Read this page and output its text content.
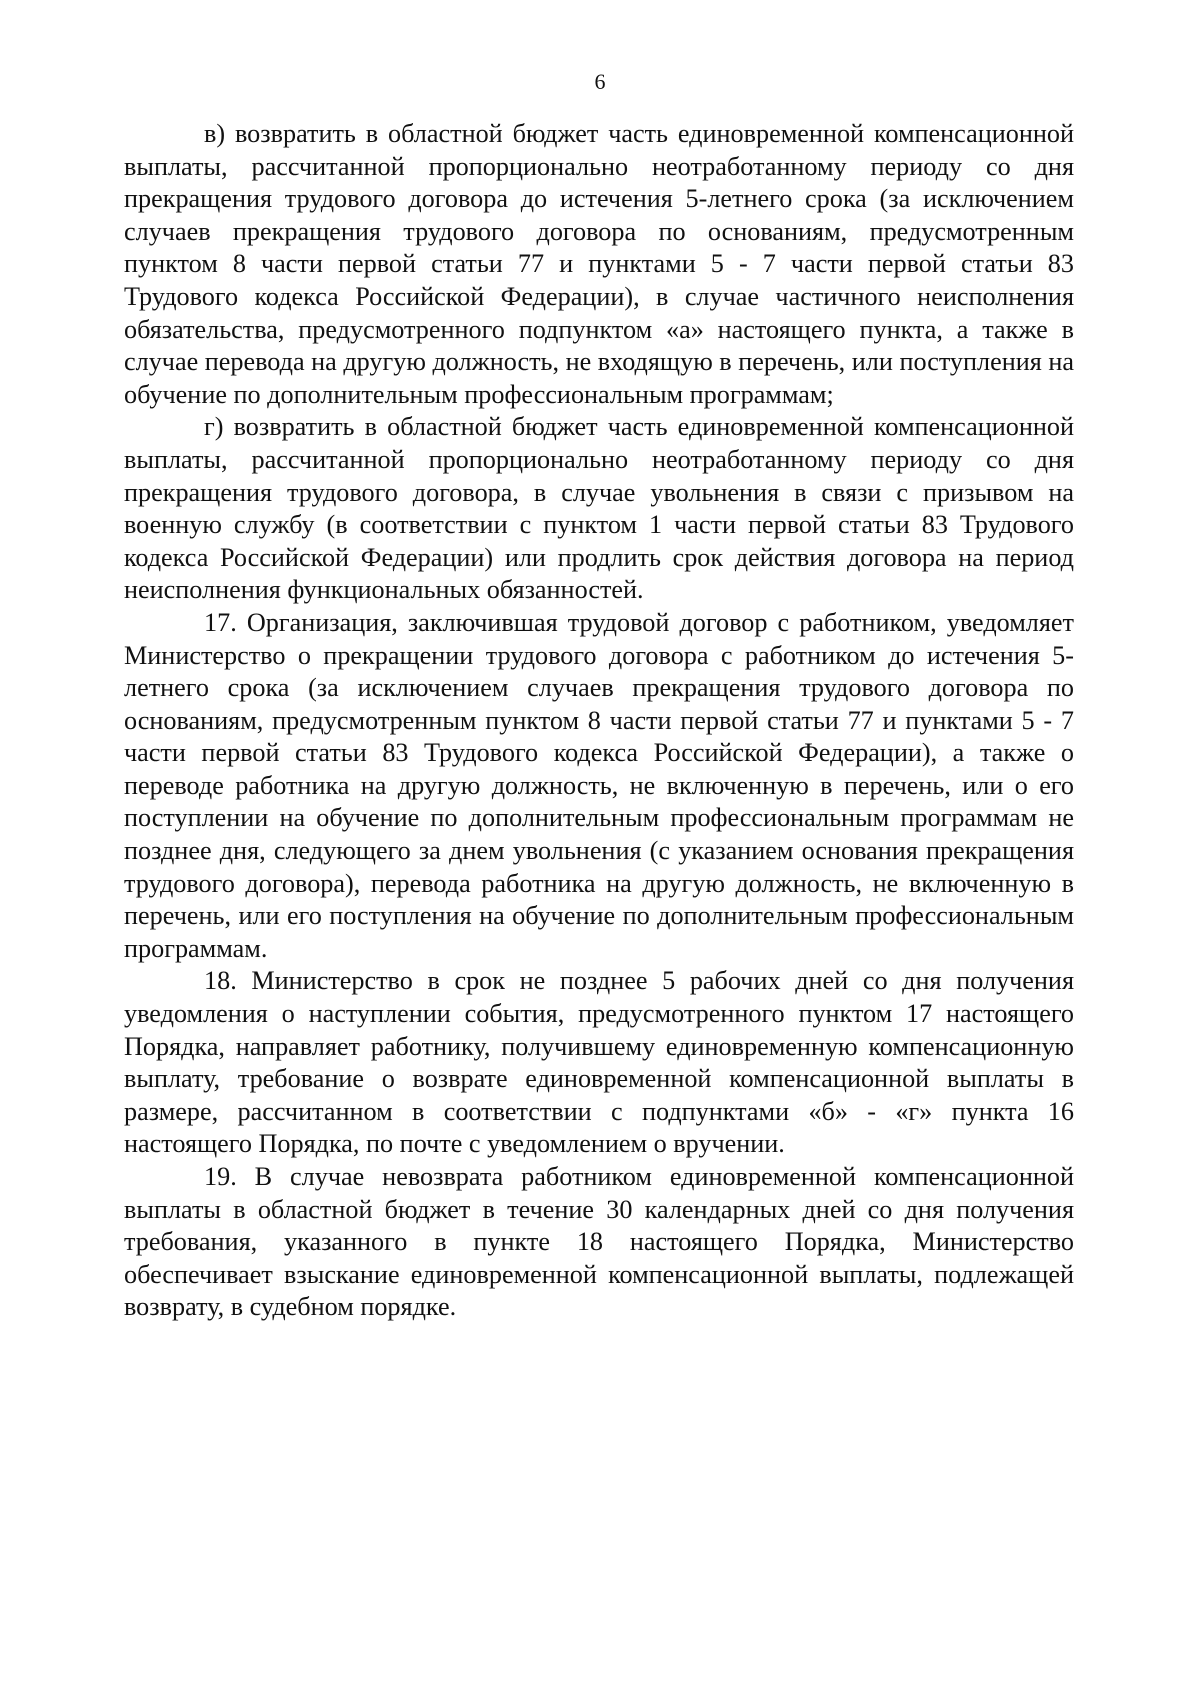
6

в) возвратить в областной бюджет часть единовременной компенсационной выплаты, рассчитанной пропорционально неотработанному периоду со дня прекращения трудового договора до истечения 5-летнего срока (за исключением случаев прекращения трудового договора по основаниям, предусмотренным пунктом 8 части первой статьи 77 и пунктами 5 - 7 части первой статьи 83 Трудового кодекса Российской Федерации), в случае частичного неисполнения обязательства, предусмотренного подпунктом «а» настоящего пункта, а также в случае перевода на другую должность, не входящую в перечень, или поступления на обучение по дополнительным профессиональным программам;

г) возвратить в областной бюджет часть единовременной компенсационной выплаты, рассчитанной пропорционально неотработанному периоду со дня прекращения трудового договора, в случае увольнения в связи с призывом на военную службу (в соответствии с пунктом 1 части первой статьи 83 Трудового кодекса Российской Федерации) или продлить срок действия договора на период неисполнения функциональных обязанностей.

17. Организация, заключившая трудовой договор с работником, уведомляет Министерство о прекращении трудового договора с работником до истечения 5-летнего срока (за исключением случаев прекращения трудового договора по основаниям, предусмотренным пунктом 8 части первой статьи 77 и пунктами 5 - 7 части первой статьи 83 Трудового кодекса Российской Федерации), а также о переводе работника на другую должность, не включенную в перечень, или о его поступлении на обучение по дополнительным профессиональным программам не позднее дня, следующего за днем увольнения (с указанием основания прекращения трудового договора), перевода работника на другую должность, не включенную в перечень, или его поступления на обучение по дополнительным профессиональным программам.

18. Министерство в срок не позднее 5 рабочих дней со дня получения уведомления о наступлении события, предусмотренного пунктом 17 настоящего Порядка, направляет работнику, получившему единовременную компенсационную выплату, требование о возврате единовременной компенсационной выплаты в размере, рассчитанном в соответствии с подпунктами «б» - «г» пункта 16 настоящего Порядка, по почте с уведомлением о вручении.

19. В случае невозврата работником единовременной компенсационной выплаты в областной бюджет в течение 30 календарных дней со дня получения требования, указанного в пункте 18 настоящего Порядка, Министерство обеспечивает взыскание единовременной компенсационной выплаты, подлежащей возврату, в судебном порядке.
